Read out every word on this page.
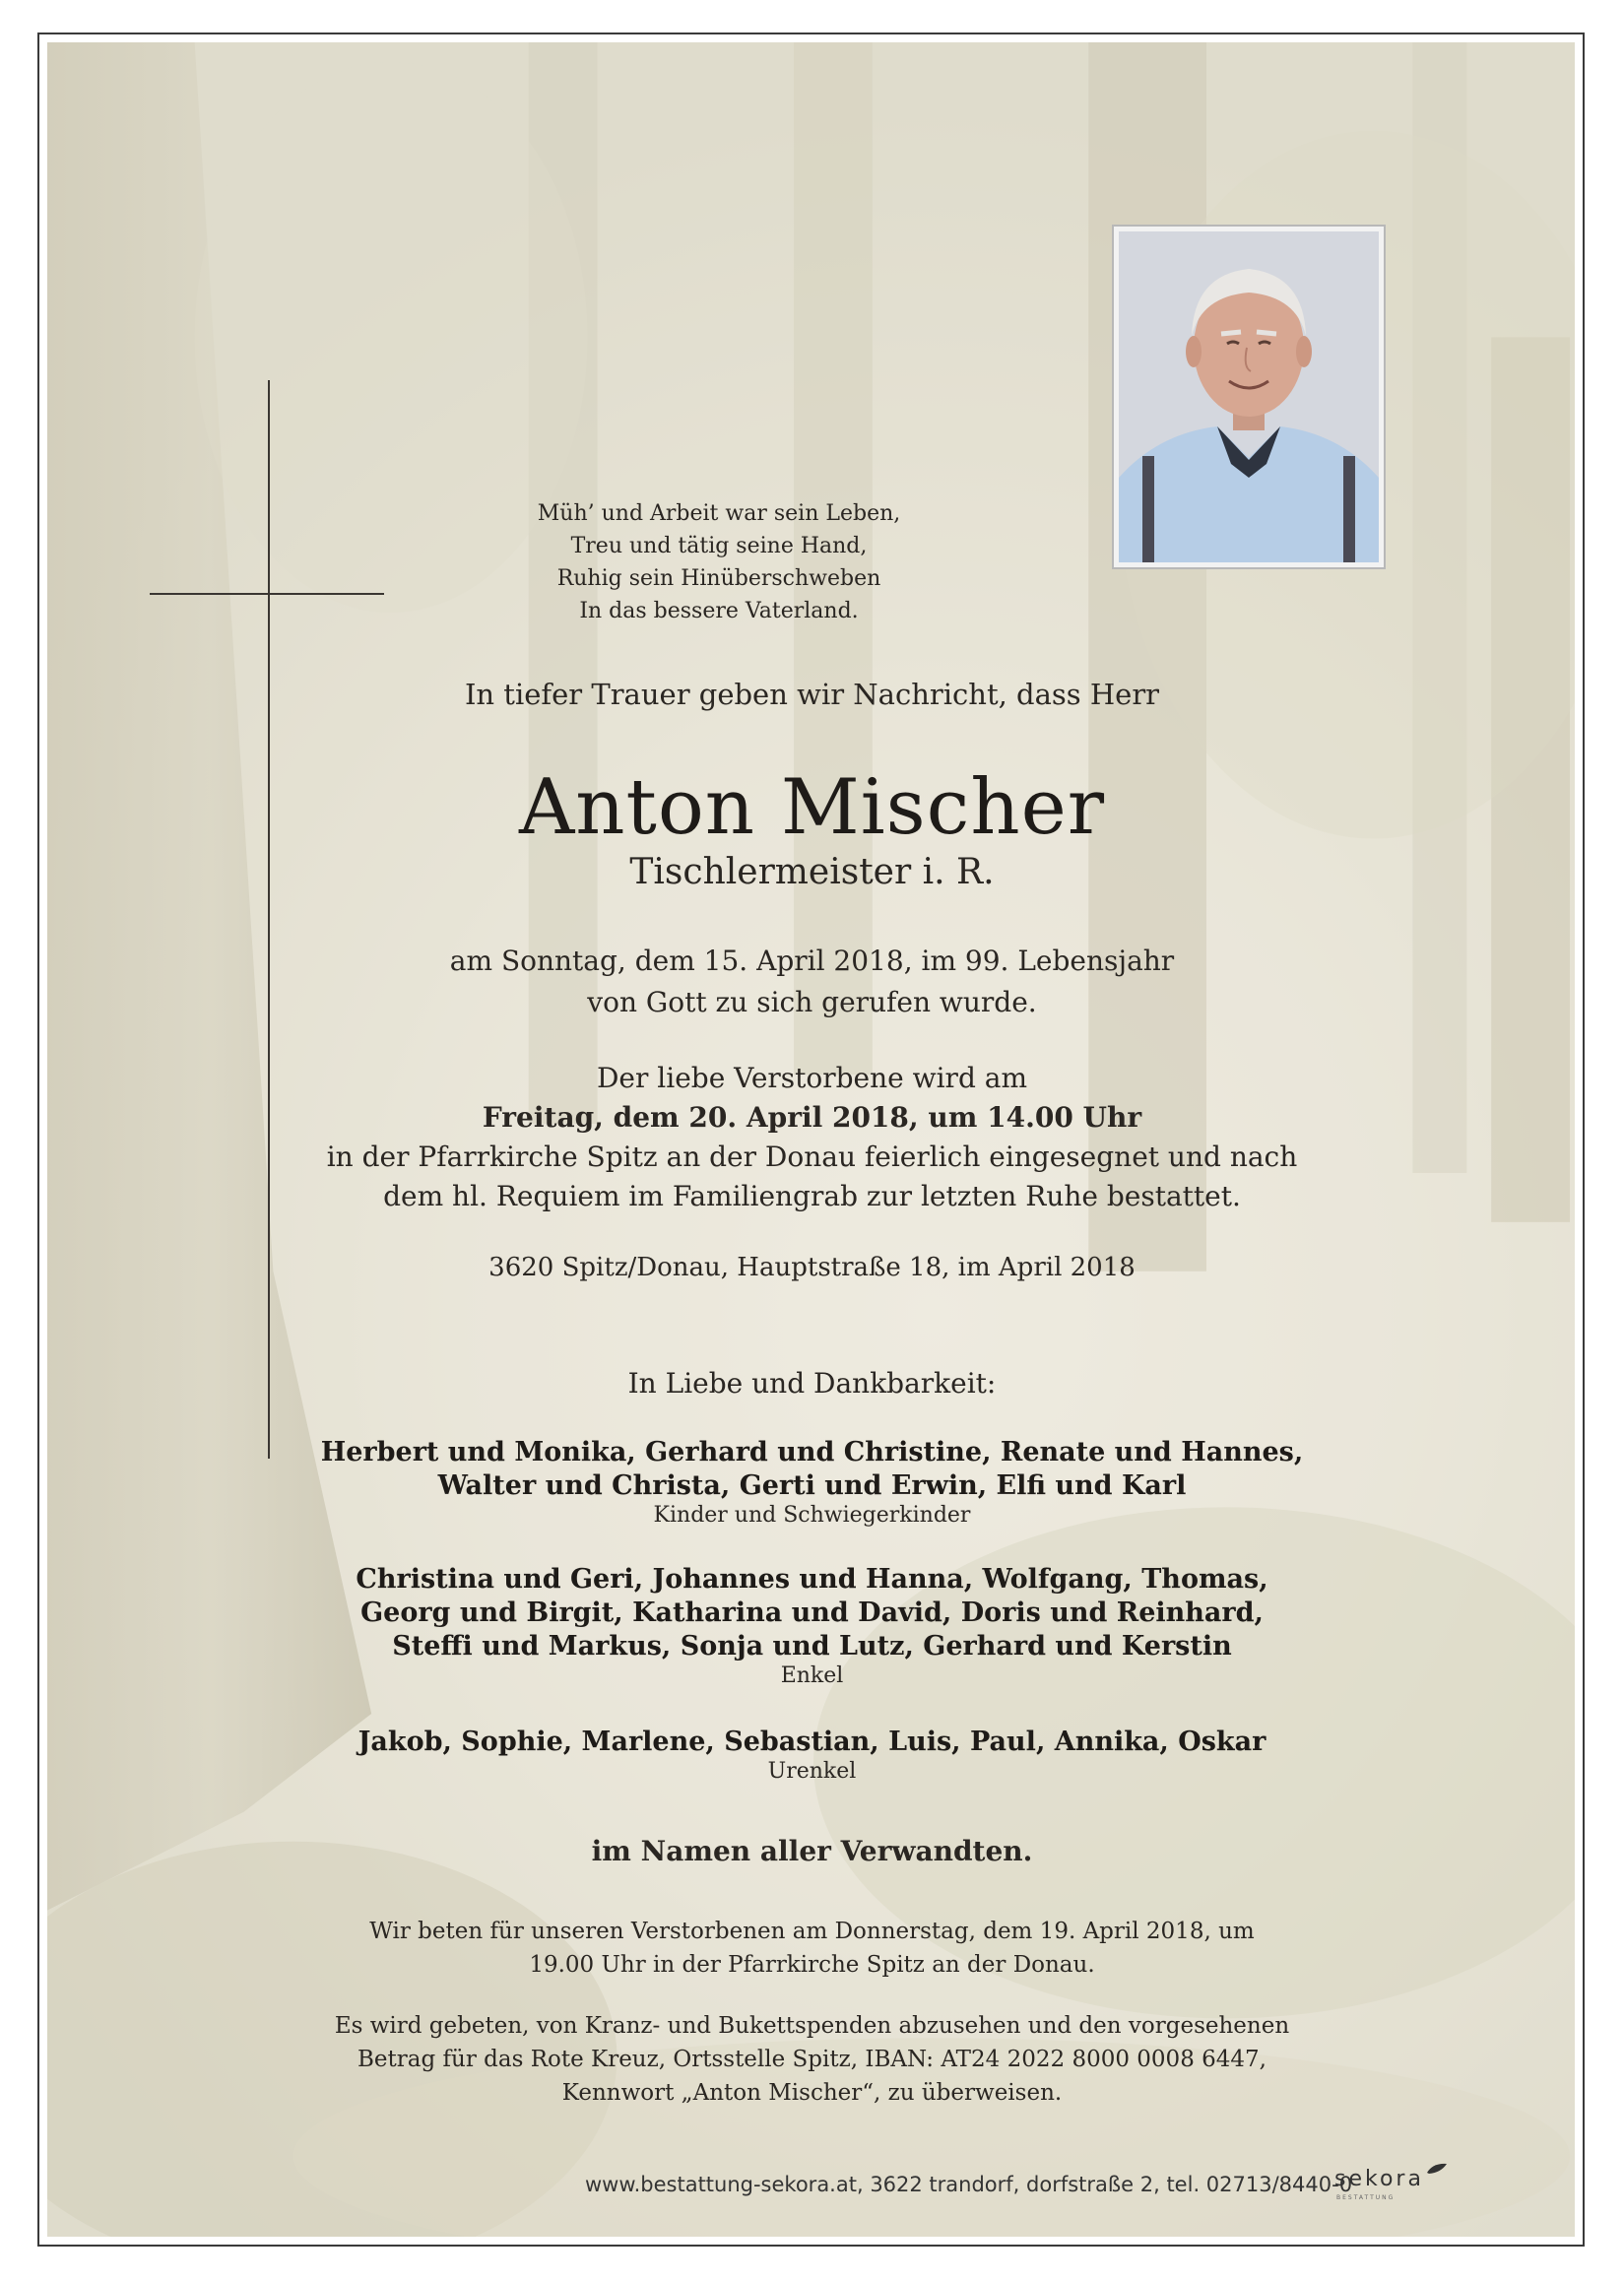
Müh’ und Arbeit war sein Leben,
Treu und tätig seine Hand,
Ruhig sein Hinüberschweben
In das bessere Vaterland.
In tiefer Trauer geben wir Nachricht, dass Herr
Anton Mischer
Tischlermeister i. R.
am Sonntag, dem 15. April 2018, im 99. Lebensjahr
von Gott zu sich gerufen wurde.
Der liebe Verstorbene wird am
Freitag, dem 20. April 2018, um 14.00 Uhr
in der Pfarrkirche Spitz an der Donau feierlich eingesegnet und nach
dem hl. Requiem im Familiengrab zur letzten Ruhe bestattet.
3620 Spitz/Donau, Hauptstraße 18, im April 2018
In Liebe und Dankbarkeit:
Herbert und Monika, Gerhard und Christine, Renate und Hannes,
Walter und Christa, Gerti und Erwin, Elfi und Karl
Kinder und Schwiegerkinder
Christina und Geri, Johannes und Hanna, Wolfgang, Thomas,
Georg und Birgit, Katharina und David, Doris und Reinhard,
Steffi und Markus, Sonja und Lutz, Gerhard und Kerstin
Enkel
Jakob, Sophie, Marlene, Sebastian, Luis, Paul, Annika, Oskar
Urenkel
im Namen aller Verwandten.
Wir beten für unseren Verstorbenen am Donnerstag, dem 19. April 2018, um
19.00 Uhr in der Pfarrkirche Spitz an der Donau.
Es wird gebeten, von Kranz- und Bukettspenden abzusehen und den vorgesehenen
Betrag für das Rote Kreuz, Ortsstelle Spitz, IBAN: AT24 2022 8000 0008 6447,
Kennwort „Anton Mischer“, zu überweisen.
www.bestattung-sekora.at, 3622 trandorf, dorfstraße 2, tel. 02713/8440-0
sekora
BESTATTUNG
